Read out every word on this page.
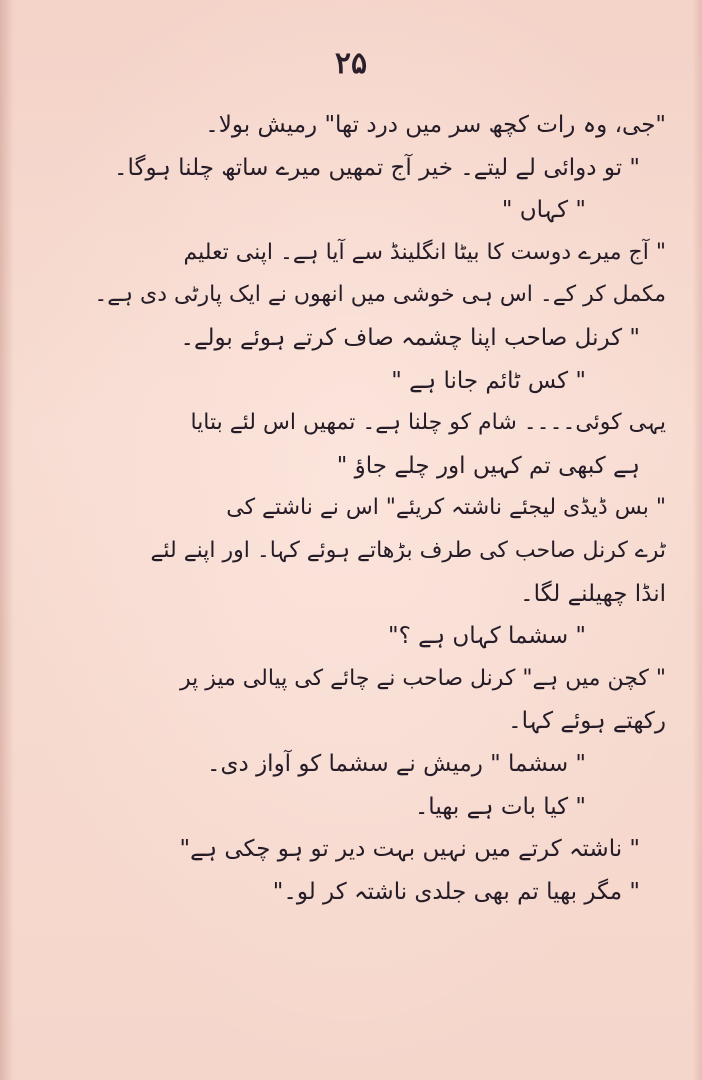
۲۵
"جی، وہ رات کچھ سر میں درد تھا" رمیش بولا۔
" تو دوائی لے لیتے۔ خیر آج تمھیں میرے ساتھ چلنا ہوگا۔
" کہاں "
" آج میرے دوست کا بیٹا انگلینڈ سے آیا ہے۔ اپنی تعلیم
مکمل کر کے۔ اس ہی خوشی میں انھوں نے ایک پارٹی دی ہے۔
" کرنل صاحب اپنا چشمہ صاف کرتے ہوئے بولے۔
" کس ٹائم جانا ہے "
یہی کوئی۔۔۔۔ شام کو چلنا ہے۔ تمھیں اس لئے بتایا
ہے کبھی تم کہیں اور چلے جاؤ "
" بس ڈیڈی لیجئے ناشتہ کریئے" اس نے ناشتے کی
ٹرے کرنل صاحب کی طرف بڑھاتے ہوئے کہا۔ اور اپنے لئے
انڈا چھیلنے لگا۔
" سشما کہاں ہے ؟"
" کچن میں ہے" کرنل صاحب نے چائے کی پیالی میز پر
رکھتے ہوئے کہا۔
" سشما " رمیش نے سشما کو آواز دی۔
" کیا بات ہے بھیا۔
" ناشتہ کرتے میں نہیں بہت دیر تو ہو چکی ہے"
" مگر بھیا تم بھی جلدی ناشتہ کر لو۔"
